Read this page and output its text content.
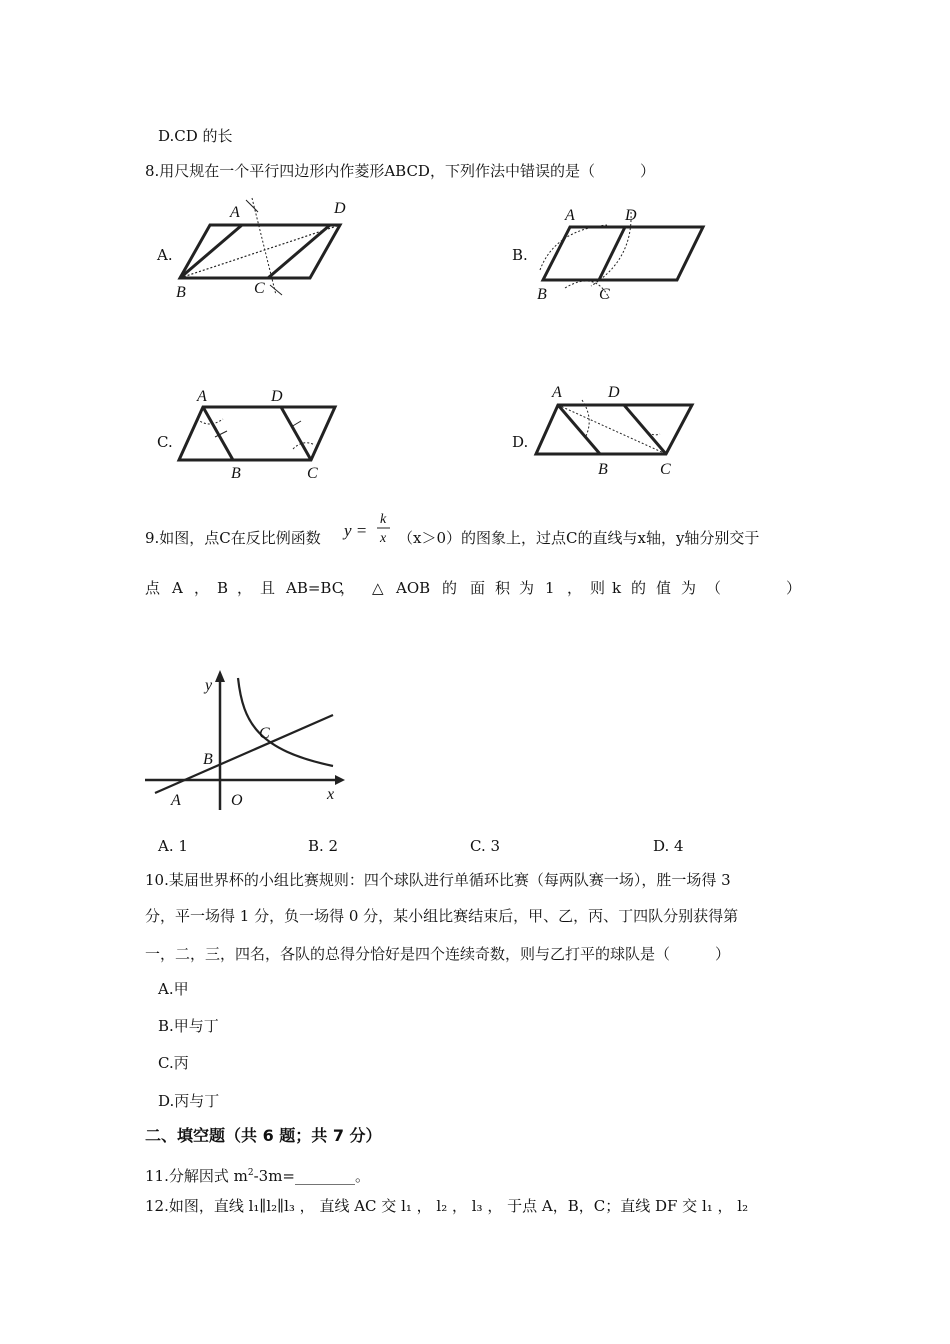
D.CD 的长
8.用尺规在一个平行四边形内作菱形ABCD，下列作法中错误的是（　　　）
A.
A	D
B	C
B.
A	D
B	C
C.
A	D
B	C
D.
A	D
B	C
9.如图，点C在反比例函数 y =
k
x （x＞0）的图象上，过点C的直线与x轴，y轴分别交于
点 A ， B ， 且 AB=BC
， △ AOB 的 面 积 为 1 ， 则 k 的 值 为 （	）
y
x
O
A
B
C
A. 1	B. 2	C. 3	D. 4
10.某届世界杯的小组比赛规则：四个球队进行单循环比赛（每两队赛一场），胜一场得 3
分，平一场得 1 分，负一场得 0 分，某小组比赛结束后，甲、乙，丙、丁四队分别获得第
一，二，三，四名，各队的总得分恰好是四个连续奇数，则与乙打平的球队是（　　　）
A.甲
B.甲与丁
C.丙
D.丙与丁
二、填空题（共 6 题；共 7 分）
11.分解因式 $m^2-3m=\_\_\_\_\_\_\_\_$。
12.如图，直线 l₁∥l₂∥l₃ ， 直线 AC 交 l₁ ， l₂ ， l₃ ， 于点 A，B，C；直线 DF 交 l₁ ， l₂
